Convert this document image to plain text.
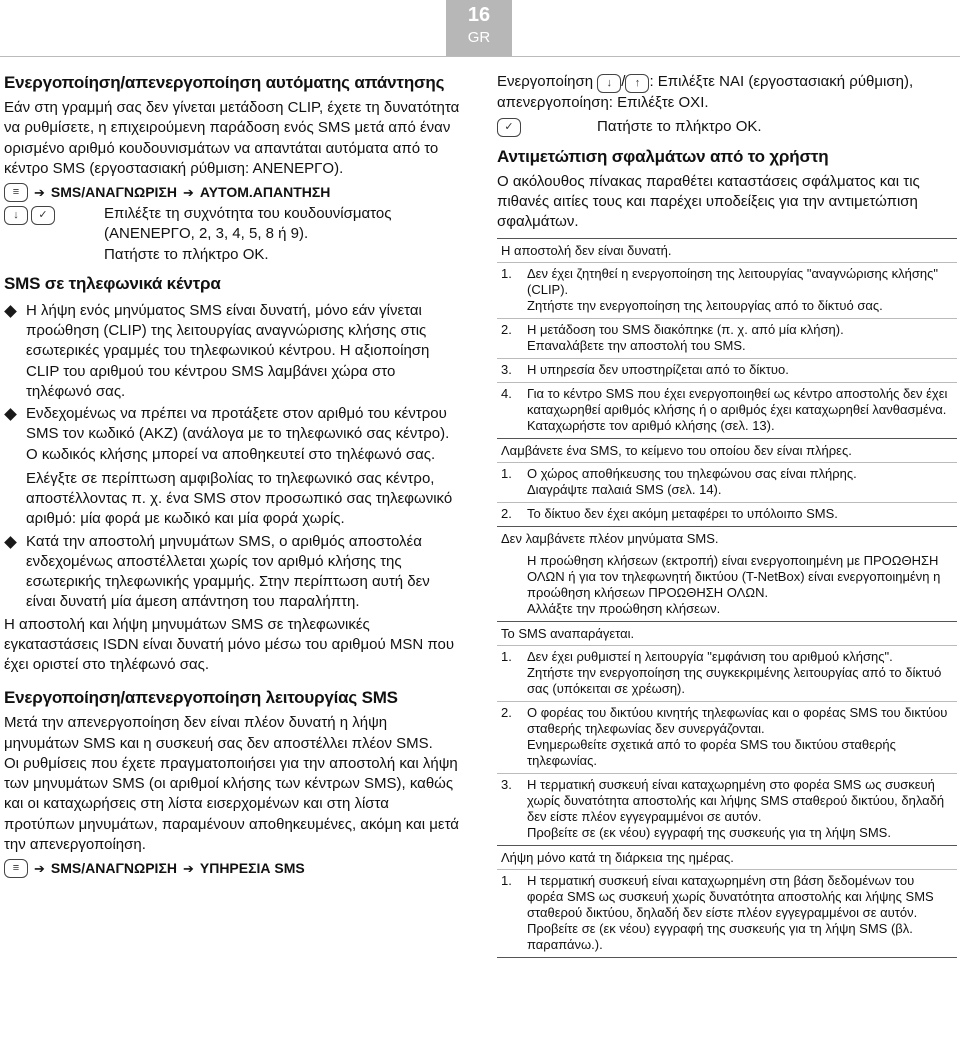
16
GR
Ενεργοποίηση/απενεργοποίηση αυτόματης απάντησης

Εάν στη γραμμή σας δεν γίνεται μετάδοση CLIP, έχετε τη δυνατότητα να ρυθμίσετε, η επιχειρούμενη παράδοση ενός SMS μετά από έναν ορισμένο αριθμό κουδουνισμάτων να απαντάται αυτόματα από το κέντρο SMS (εργοστασιακή ρύθμιση: ΑΝΕΝΕΡΓΟ).

≡	➔ SMS/ΑΝΑΓΝΩΡΙΣΗ ➔ ΑΥΤΟΜ.ΑΠΑΝΤΗΣΗ
↓	✓	Επιλέξτε τη συχνότητα του κουδουνίσματος (ΑΝΕΝΕΡΓΟ, 2, 3, 4, 5, 8 ή 9).

Πατήστε το πλήκτρο ΟΚ.

SMS σε τηλεφωνικά κέντρα
Η λήψη ενός μηνύματος SMS είναι δυνατή, μόνο εάν γίνεται προώθηση (CLIP) της λειτουργίας αναγνώρισης κλήσης στις εσωτερικές γραμμές του τηλεφωνικού κέντρου. Η αξιοποίηση CLIP του αριθμού του κέντρου SMS λαμβάνει χώρα στο τηλέφωνό σας.
Ενδεχομένως να πρέπει να προτάξετε στον αριθμό του κέντρου SMS τον κωδικό (ΑΚΖ) (ανάλογα με το τηλεφωνικό σας κέντρο). Ο κωδικός κλήσης μπορεί να αποθηκευτεί στο τηλέφωνό σας.

Ελέγξτε σε περίπτωση αμφιβολίας το τηλεφωνικό σας κέντρο, αποστέλλοντας π. χ. ένα SMS στον προσωπικό σας τηλεφωνικό αριθμό: μία φορά με κωδικό και μία φορά χωρίς.

Κατά την αποστολή μηνυμάτων SMS, ο αριθμός αποστολέα ενδεχομένως αποστέλλεται χωρίς τον αριθμό κλήσης της εσωτερικής τηλεφωνικής γραμμής. Στην περίπτωση αυτή δεν είναι δυνατή μία άμεση απάντηση του παραλήπτη.

Η αποστολή και λήψη μηνυμάτων SMS σε τηλεφωνικές εγκαταστάσεις ISDN είναι δυνατή μόνο μέσω του αριθμού MSN που έχει οριστεί στο τηλέφωνό σας.

Ενεργοποίηση/απενεργοποίηση λειτουργίας SMS

Μετά την απενεργοποίηση δεν είναι πλέον δυνατή η λήψη μηνυμάτων SMS και η συσκευή σας δεν αποστέλλει πλέον SMS.

Οι ρυθμίσεις που έχετε πραγματοποιήσει για την αποστολή και λήψη των μηνυμάτων SMS (οι αριθμοί κλήσης των κέντρων SMS), καθώς και οι καταχωρήσεις στη λίστα εισερχομένων και στη λίστα προτύπων μηνυμάτων, παραμένουν αποθηκευμένες, ακόμη και μετά την απενεργοποίηση.

≡	➔ SMS/ΑΝΑΓΝΩΡΙΣΗ ➔ ΥΠΗΡΕΣΙΑ SMS
Ενεργοποίηση ↓ / ↑ : Επιλέξτε ΝΑΙ (εργοστασιακή ρύθμιση), απενεργοποίηση: Επιλέξτε ΟΧΙ.
✓	Πατήστε το πλήκτρο ΟΚ.

Αντιμετώπιση σφαλμάτων από το χρήστη

Ο ακόλουθος πίνακας παραθέτει καταστάσεις σφάλματος και τις πιθανές αιτίες τους και παρέχει υποδείξεις για την αντιμετώπιση σφαλμάτων.

Η αποστολή δεν είναι δυνατή.
1.	Δεν έχει ζητηθεί η ενεργοποίηση της λειτουργίας "αναγνώρισης κλήσης" (CLIP).

Ζητήστε την ενεργοποίηση της λειτουργίας από το δίκτυό σας.

2.	Η μετάδοση του SMS διακόπηκε (π. χ. από μία κλήση).

Επαναλάβετε την αποστολή του SMS.

3.	Η υπηρεσία δεν υποστηρίζεται από το δίκτυο.

4.	Για το κέντρο SMS που έχει ενεργοποιηθεί ως κέντρο αποστολής δεν έχει καταχωρηθεί αριθμός κλήσης ή ο αριθμός έχει καταχωρηθεί λανθασμένα.

Καταχωρήστε τον αριθμό κλήσης (σελ. 13).

Λαμβάνετε ένα SMS, το κείμενο του οποίου δεν είναι πλήρες.
1.	Ο χώρος αποθήκευσης του τηλεφώνου σας είναι πλήρης.

Διαγράψτε παλαιά SMS (σελ. 14).

2.	Το δίκτυο δεν έχει ακόμη μεταφέρει το υπόλοιπο SMS.

Δεν λαμβάνετε πλέον μηνύματα SMS.

Η προώθηση κλήσεων (εκτροπή) είναι ενεργοποιημένη με ΠΡΟΩΘΗΣΗ ΟΛΩΝ ή για τον τηλεφωνητή δικτύου (T-NetBox) είναι ενεργοποιημένη η προώθηση κλήσεων ΠΡΟΩΘΗΣΗ ΟΛΩΝ.

Αλλάξτε την προώθηση κλήσεων.

Το SMS αναπαράγεται.
1.	Δεν έχει ρυθμιστεί η λειτουργία "εμφάνιση του αριθμού κλήσης".

Ζητήστε την ενεργοποίηση της συγκεκριμένης λειτουργίας από το δίκτυό σας (υπόκειται σε χρέωση).

2.	Ο φορέας του δικτύου κινητής τηλεφωνίας και ο φορέας SMS του δικτύου σταθερής τηλεφωνίας δεν συνεργάζονται.

Ενημερωθείτε σχετικά από το φορέα SMS του δικτύου σταθερής τηλεφωνίας.

3.	Η τερματική συσκευή είναι καταχωρημένη στο φορέα SMS ως συσκευή χωρίς δυνατότητα αποστολής και λήψης SMS σταθερού δικτύου, δηλαδή δεν είστε πλέον εγγεγραμμένοι σε αυτόν.

Προβείτε σε (εκ νέου) εγγραφή της συσκευής για τη λήψη SMS.

Λήψη μόνο κατά τη διάρκεια της ημέρας.
1.	Η τερματική συσκευή είναι καταχωρημένη στη βάση δεδομένων του φορέα SMS ως συσκευή χωρίς δυνατότητα αποστολής και λήψης SMS σταθερού δικτύου, δηλαδή δεν είστε πλέον εγγεγραμμένοι σε αυτόν.

Προβείτε σε (εκ νέου) εγγραφή της συσκευής για τη λήψη SMS (βλ. παραπάνω.).
